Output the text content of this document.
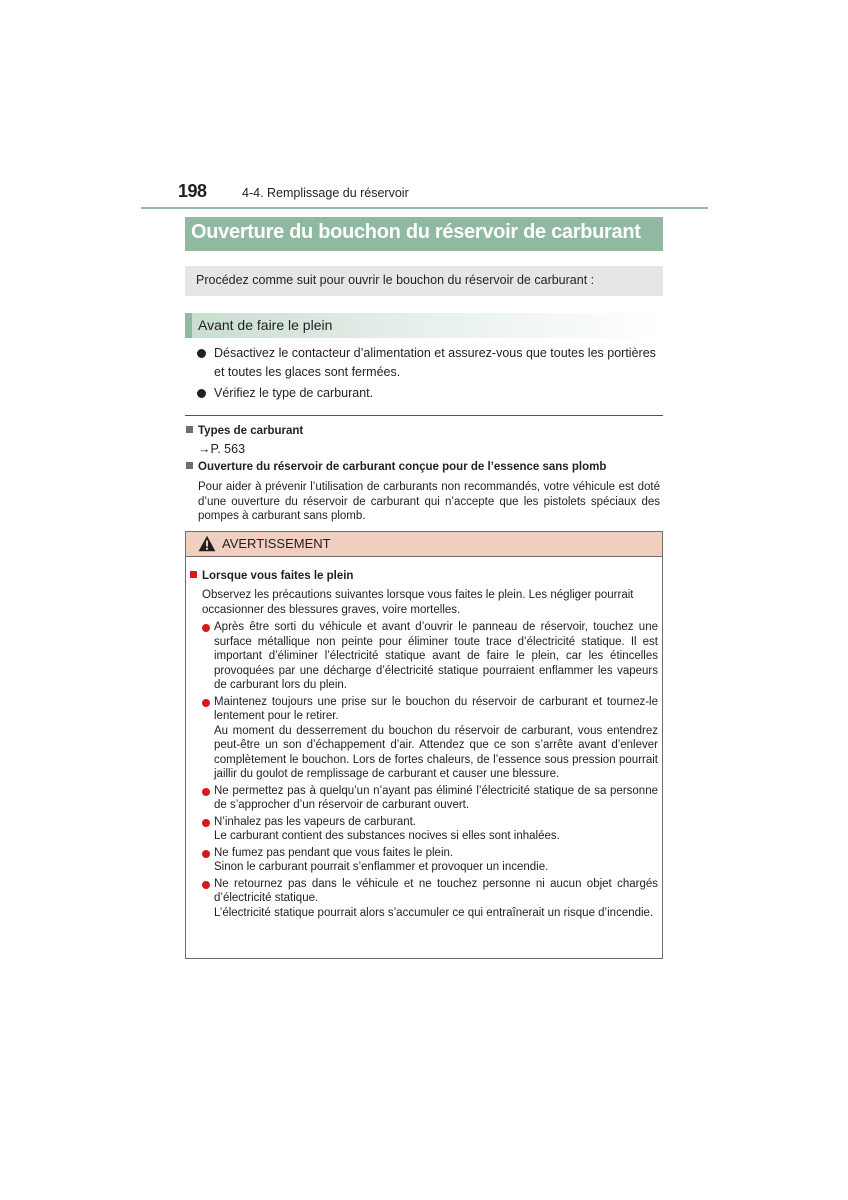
198	4-4. Remplissage du réservoir
Ouverture du bouchon du réservoir de carburant
Procédez comme suit pour ouvrir le bouchon du réservoir de carburant :
Avant de faire le plein
Désactivez le contacteur d’alimentation et assurez-vous que toutes les portières et toutes les glaces sont fermées.
Vérifiez le type de carburant.
Types de carburant
→P. 563
Ouverture du réservoir de carburant conçue pour de l’essence sans plomb
Pour aider à prévenir l’utilisation de carburants non recommandés, votre véhicule est doté d’une ouverture du réservoir de carburant qui n’accepte que les pistolets spéciaux des pompes à carburant sans plomb.
AVERTISSEMENT
Lorsque vous faites le plein
Observez les précautions suivantes lorsque vous faites le plein. Les négliger pourrait occasionner des blessures graves, voire mortelles.
Après être sorti du véhicule et avant d’ouvrir le panneau de réservoir, touchez une surface métallique non peinte pour éliminer toute trace d’électricité statique. Il est important d’éliminer l’électricité statique avant de faire le plein, car les étincelles provoquées par une décharge d’électricité statique pourraient enflammer les vapeurs de carburant lors du plein.
Maintenez toujours une prise sur le bouchon du réservoir de carburant et tournez-le lentement pour le retirer.
Au moment du desserrement du bouchon du réservoir de carburant, vous entendrez peut-être un son d’échappement d’air. Attendez que ce son s’arrête avant d’enlever complètement le bouchon. Lors de fortes chaleurs, de l’essence sous pression pourrait jaillir du goulot de remplissage de carburant et causer une blessure.
Ne permettez pas à quelqu’un n’ayant pas éliminé l’électricité statique de sa personne de s’approcher d’un réservoir de carburant ouvert.
N’inhalez pas les vapeurs de carburant.
Le carburant contient des substances nocives si elles sont inhalées.
Ne fumez pas pendant que vous faites le plein.
Sinon le carburant pourrait s’enflammer et provoquer un incendie.
Ne retournez pas dans le véhicule et ne touchez personne ni aucun objet chargés d’électricité statique.
L’électricité statique pourrait alors s’accumuler ce qui entraînerait un risque d’incendie.
